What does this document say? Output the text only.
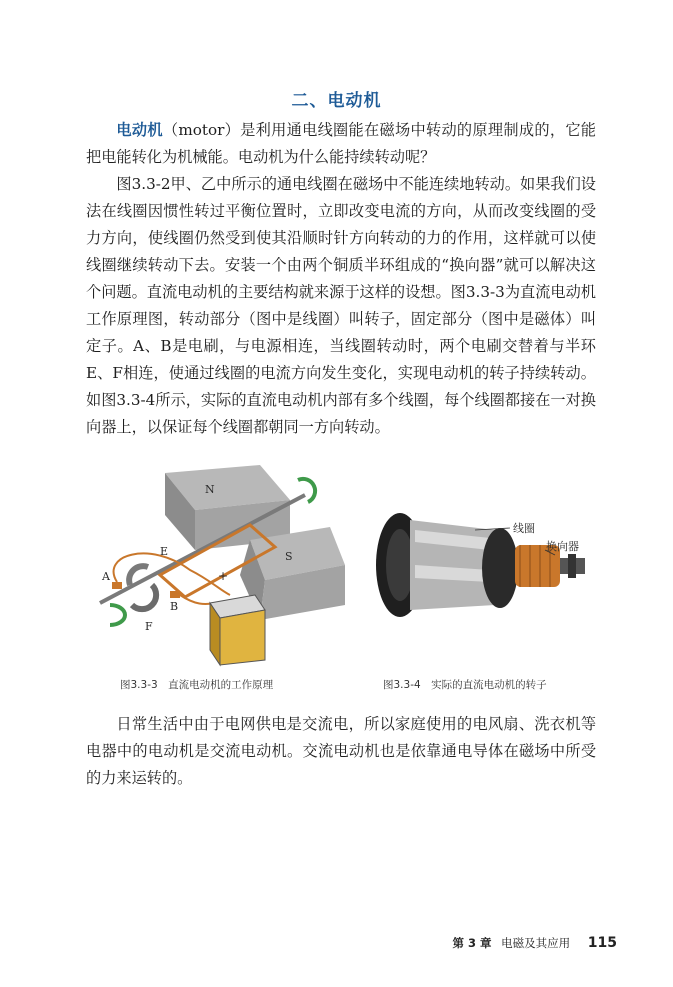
二、电动机

电动机（motor）是利用通电线圈能在磁场中转动的原理制成的，它能把电能转化为机械能。电动机为什么能持续转动呢？

图3.3-2甲、乙中所示的通电线圈在磁场中不能连续地转动。如果我们设法在线圈因惯性转过平衡位置时，立即改变电流的方向，从而改变线圈的受力方向，使线圈仍然受到使其沿顺时针方向转动的力的作用，这样就可以使线圈继续转动下去。安装一个由两个铜质半环组成的“换向器”就可以解决这个问题。直流电动机的主要结构就来源于这样的设想。图3.3-3为直流电动机工作原理图，转动部分（图中是线圈）叫转子，固定部分（图中是磁体）叫定子。A、B是电刷，与电源相连，当线圈转动时，两个电刷交替着与半环E、F相连，使通过线圈的电流方向发生变化，实现电动机的转子持续转动。如图3.3-4所示，实际的直流电动机内部有多个线圈，每个线圈都接在一对换向器上，以保证每个线圈都朝同一方向转动。

N
S
+
A
B
E
F
图3.3-3　直流电动机的工作原理
线圈
换向器
图3.3-4　实际的直流电动机的转子

日常生活中由于电网供电是交流电，所以家庭使用的电风扇、洗衣机等电器中的电动机是交流电动机。交流电动机也是依靠通电导体在磁场中所受的力来运转的。

第 3 章 电磁及其应用 115
